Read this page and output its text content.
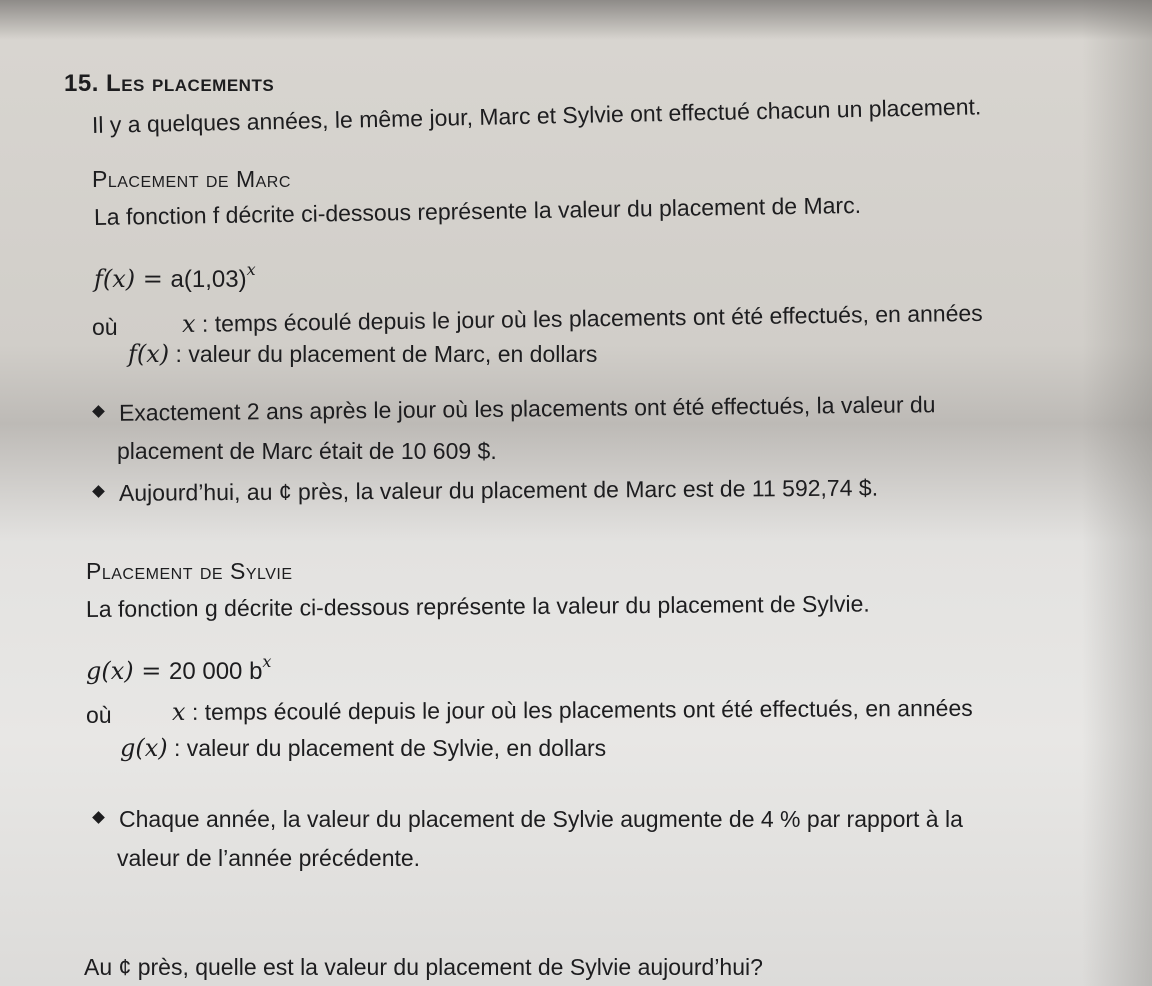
15. Les placements
Il y a quelques années, le même jour, Marc et Sylvie ont effectué chacun un placement.
Placement de Marc
La fonction f décrite ci-dessous représente la valeur du placement de Marc.
$f(x) = a(1,03)^x$
où	x : temps écoulé depuis le jour où les placements ont été effectués, en années
f(x) : valeur du placement de Marc, en dollars
Exactement 2 ans après le jour où les placements ont été effectués, la valeur du
placement de Marc était de 10 609 $.
Aujourd’hui, au ¢ près, la valeur du placement de Marc est de 11 592,74 $.
Placement de Sylvie
La fonction g décrite ci-dessous représente la valeur du placement de Sylvie.
g(x) = 20 000 $b^x$
où	x : temps écoulé depuis le jour où les placements ont été effectués, en années
g(x) : valeur du placement de Sylvie, en dollars
Chaque année, la valeur du placement de Sylvie augmente de 4 % par rapport à la
valeur de l’année précédente.
Au ¢ près, quelle est la valeur du placement de Sylvie aujourd’hui?
